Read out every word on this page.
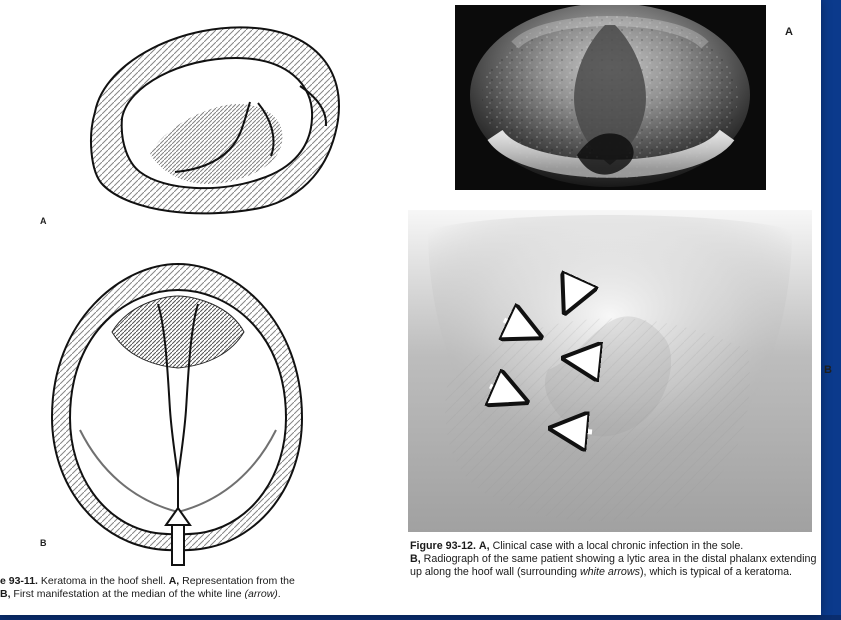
A
B
e 93-11. Keratoma in the hoof shell. A, Representation from the
B, First manifestation at the median of the white line (arrow).
A
B
Figure 93-12. A, Clinical case with a local chronic infection in the sole.
B, Radiograph of the same patient showing a lytic area in the distal phalanx extending up along the hoof wall (surrounding white arrows), which is typical of a keratoma.
